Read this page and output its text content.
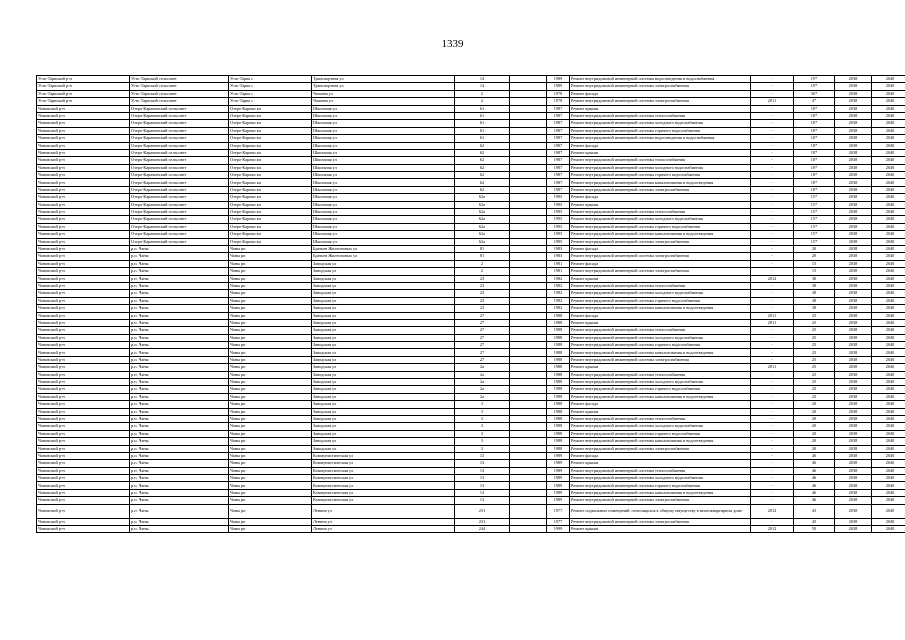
1339
Усть-Таркский р-н	Усть-Таркский сельсовет	Усть-Тарка с	Транспортная ул	14		1989	Ремонт внутридомовой инженерной системы водоотведения и водоснабжения	-	19*	2038	2040
Усть-Таркский р-н	Усть-Таркский сельсовет	Усть-Тарка с	Транспортная ул	14		1989	Ремонт внутридомовой инженерной системы электроснабжения	-	19*	2038	2040
Усть-Таркский р-н	Усть-Таркский сельсовет	Усть-Тарка с	Чапаева ул	2		1978	Ремонт фасада	-	30*	2038	2040
Усть-Таркский р-н	Усть-Таркский сельсовет	Усть-Тарка с	Чапаева ул	2		1978	Ремонт внутридомовой инженерной системы электроснабжения	2011	4*	2038	2040
Чановский р-н	Озеро-Карачинский сельсовет	Озеро-Карачи кп	Школьная ул	61		1987	Ремонт крыши	-	18*	2038	2040
Чановский р-н	Озеро-Карачинский сельсовет	Озеро-Карачи кп	Школьная ул	61		1987	Ремонт внутридомовой инженерной системы теплоснабжения	-	18*	2038	2040
Чановский р-н	Озеро-Карачинский сельсовет	Озеро-Карачи кп	Школьная ул	61		1987	Ремонт внутридомовой инженерной системы холодного водоснабжения	-	18*	2038	2040
Чановский р-н	Озеро-Карачинский сельсовет	Озеро-Карачи кп	Школьная ул	61		1987	Ремонт внутридомовой инженерной системы горячего водоснабжения	-	18*	2038	2040
Чановский р-н	Озеро-Карачинский сельсовет	Озеро-Карачи кп	Школьная ул	61		1987	Ремонт внутридомовой инженерной системы водоотведения и водоснабжения	-	18*	2038	2040
Чановский р-н	Озеро-Карачинский сельсовет	Озеро-Карачи кп	Школьная ул	62		1987	Ремонт фасада	-	18*	2038	2040
Чановский р-н	Озеро-Карачинский сельсовет	Озеро-Карачи кп	Школьная ул	62		1987	Ремонт крыши	-	18*	2038	2040
Чановский р-н	Озеро-Карачинский сельсовет	Озеро-Карачи кп	Школьная ул	62		1987	Ремонт внутридомовой инженерной системы теплоснабжения	-	18*	2038	2040
Чановский р-н	Озеро-Карачинский сельсовет	Озеро-Карачи кп	Школьная ул	62		1987	Ремонт внутридомовой инженерной системы холодного водоснабжения	-	18*	2038	2040
Чановский р-н	Озеро-Карачинский сельсовет	Озеро-Карачи кп	Школьная ул	62		1987	Ремонт внутридомовой инженерной системы горячего водоснабжения	-	18*	2038	2040
Чановский р-н	Озеро-Карачинский сельсовет	Озеро-Карачи кп	Школьная ул	62		1987	Ремонт внутридомовой инженерной системы канализования и водоотведения	-	18*	2038	2040
Чановский р-н	Озеро-Карачинский сельсовет	Озеро-Карачи кп	Школьная ул	62		1987	Ремонт внутридомовой инженерной системы электроснабжения	-	18*	2038	2040
Чановский р-н	Озеро-Карачинский сельсовет	Озеро-Карачи кп	Школьная ул	62а		1995	Ремонт фасада	-	15*	2038	2040
Чановский р-н	Озеро-Карачинский сельсовет	Озеро-Карачи кп	Школьная ул	62а		1995	Ремонт крыши	-	15*	2038	2040
Чановский р-н	Озеро-Карачинский сельсовет	Озеро-Карачи кп	Школьная ул	62а		1995	Ремонт внутридомовой инженерной системы теплоснабжения	-	15*	2038	2040
Чановский р-н	Озеро-Карачинский сельсовет	Озеро-Карачи кп	Школьная ул	62а		1995	Ремонт внутридомовой инженерной системы холодного водоснабжения	-	15*	2038	2040
Чановский р-н	Озеро-Карачинский сельсовет	Озеро-Карачи кп	Школьная ул	62а		1995	Ремонт внутридомовой инженерной системы горячего водоснабжения	-	15*	2038	2040
Чановский р-н	Озеро-Карачинский сельсовет	Озеро-Карачи кп	Школьная ул	62а		1995	Ремонт внутридомовой инженерной системы канализования и водоотведения	-	15*	2038	2040
Чановский р-н	Озеро-Карачинский сельсовет	Озеро-Карачи кп	Школьная ул	62а		1995	Ремонт внутридомовой инженерной системы электроснабжения	-	15*	2038	2040
Чановский р-н	р.п. Чаны	Чаны рп	Братьев Жилтоновых ул	81		1983	Ремонт фасада	-	20	2038	2040
Чановский р-н	р.п. Чаны	Чаны рп	Братьев Жилтоновых ул	81		1983	Ремонт внутридомовой инженерной системы электроснабжения	-	20	2038	2040
Чановский р-н	р.п. Чаны	Чаны рп	Заводская ул	2		1981	Ремонт фасада	-	15	2038	2040
Чановский р-н	р.п. Чаны	Чаны рп	Заводская ул	2		1981	Ремонт внутридомовой инженерной системы электроснабжения	-	15	2038	2040
Чановский р-н	р.п. Чаны	Чаны рп	Заводская ул	23		1982	Ремонт крыши	2012	38	2038	2040
Чановский р-н	р.п. Чаны	Чаны рп	Заводская ул	23		1982	Ремонт внутридомовой инженерной системы теплоснабжения	-	38	2038	2040
Чановский р-н	р.п. Чаны	Чаны рп	Заводская ул	23		1982	Ремонт внутридомовой инженерной системы холодного водоснабжения	-	38	2038	2040
Чановский р-н	р.п. Чаны	Чаны рп	Заводская ул	23		1982	Ремонт внутридомовой инженерной системы горячего водоснабжения	-	38	2038	2040
Чановский р-н	р.п. Чаны	Чаны рп	Заводская ул	23		1982	Ремонт внутридомовой инженерной системы канализования и водоотведения	-	38	2038	2040
Чановский р-н	р.п. Чаны	Чаны рп	Заводская ул	27		1988	Ремонт фасада	2011	25	2038	2040
Чановский р-н	р.п. Чаны	Чаны рп	Заводская ул	27		1988	Ремонт крыши	2011	25	2038	2040
Чановский р-н	р.п. Чаны	Чаны рп	Заводская ул	27		1988	Ремонт внутридомовой инженерной системы теплоснабжения	-	25	2038	2040
Чановский р-н	р.п. Чаны	Чаны рп	Заводская ул	27		1988	Ремонт внутридомовой инженерной системы холодного водоснабжения	-	25	2038	2040
Чановский р-н	р.п. Чаны	Чаны рп	Заводская ул	27		1988	Ремонт внутридомовой инженерной системы горячего водоснабжения	-	25	2038	2040
Чановский р-н	р.п. Чаны	Чаны рп	Заводская ул	27		1988	Ремонт внутридомовой инженерной системы канализования и водоотведения	-	25	2038	2040
Чановский р-н	р.п. Чаны	Чаны рп	Заводская ул	27		1988	Ремонт внутридомовой инженерной системы электроснабжения	-	25	2038	2040
Чановский р-н	р.п. Чаны	Чаны рп	Заводская ул	2а		1988	Ремонт крыши	2011	25	2038	2040
Чановский р-н	р.п. Чаны	Чаны рп	Заводская ул	2а		1988	Ремонт внутридомовой инженерной системы теплоснабжения	-	25	2038	2040
Чановский р-н	р.п. Чаны	Чаны рп	Заводская ул	2а		1988	Ремонт внутридомовой инженерной системы холодного водоснабжения	-	25	2038	2040
Чановский р-н	р.п. Чаны	Чаны рп	Заводская ул	2а		1988	Ремонт внутридомовой инженерной системы горячего водоснабжения	-	25	2038	2040
Чановский р-н	р.п. Чаны	Чаны рп	Заводская ул	2а		1988	Ремонт внутридомовой инженерной системы канализования и водоотведения	-	25	2038	2040
Чановский р-н	р.п. Чаны	Чаны рп	Заводская ул	3		1988	Ремонт фасада	-	20	2038	2040
Чановский р-н	р.п. Чаны	Чаны рп	Заводская ул	3		1988	Ремонт крыши	-	20	2038	2040
Чановский р-н	р.п. Чаны	Чаны рп	Заводская ул	3		1988	Ремонт внутридомовой инженерной системы теплоснабжения	-	20	2038	2040
Чановский р-н	р.п. Чаны	Чаны рп	Заводская ул	3		1988	Ремонт внутридомовой инженерной системы холодного водоснабжения	-	20	2038	2040
Чановский р-н	р.п. Чаны	Чаны рп	Заводская ул	3		1988	Ремонт внутридомовой инженерной системы горячего водоснабжения	-	20	2038	2040
Чановский р-н	р.п. Чаны	Чаны рп	Заводская ул	3		1988	Ремонт внутридомовой инженерной системы канализования и водоотведения	-	20	2038	2040
Чановский р-н	р.п. Чаны	Чаны рп	Заводская ул	3		1988	Ремонт внутридомовой инженерной системы электроснабжения	-	20	2038	2040
Чановский р-н	р.п. Чаны	Чаны рп	Коммунистическая ул	13		1989	Ремонт фасада	-	46	2038	2040
Чановский р-н	р.п. Чаны	Чаны рп	Коммунистическая ул	13		1989	Ремонт крыши	-	46	2038	2040
Чановский р-н	р.п. Чаны	Чаны рп	Коммунистическая ул	13		1989	Ремонт внутридомовой инженерной системы теплоснабжения	-	46	2038	2040
Чановский р-н	р.п. Чаны	Чаны рп	Коммунистическая ул	13		1989	Ремонт внутридомовой инженерной системы холодного водоснабжения	-	46	2038	2040
Чановский р-н	р.п. Чаны	Чаны рп	Коммунистическая ул	13		1989	Ремонт внутридомовой инженерной системы горячего водоснабжения	-	46	2038	2040
Чановский р-н	р.п. Чаны	Чаны рп	Коммунистическая ул	13		1989	Ремонт внутридомовой инженерной системы канализования и водоотведения	-	46	2038	2040
Чановский р-н	р.п. Чаны	Чаны рп	Коммунистическая ул	13		1989	Ремонт внутридомовой инженерной системы электроснабжения	-	46	2038	2040
Чановский р-н	р.п. Чаны	Чаны рп	Ленина ул	231		1977	Ремонт подвальных помещений, относящихся к общему имуществу в многоквартирном доме	2012	45	2038	2040
Чановский р-н	р.п. Чаны	Чаны рп	Ленина ул	231		1977	Ремонт внутридомовой инженерной системы электроснабжения	-	45	2038	2040
Чановский р-н	р.п. Чаны	Чаны рп	Ленина ул	244		1999	Ремонт крыши	2012	50	2038	2040
